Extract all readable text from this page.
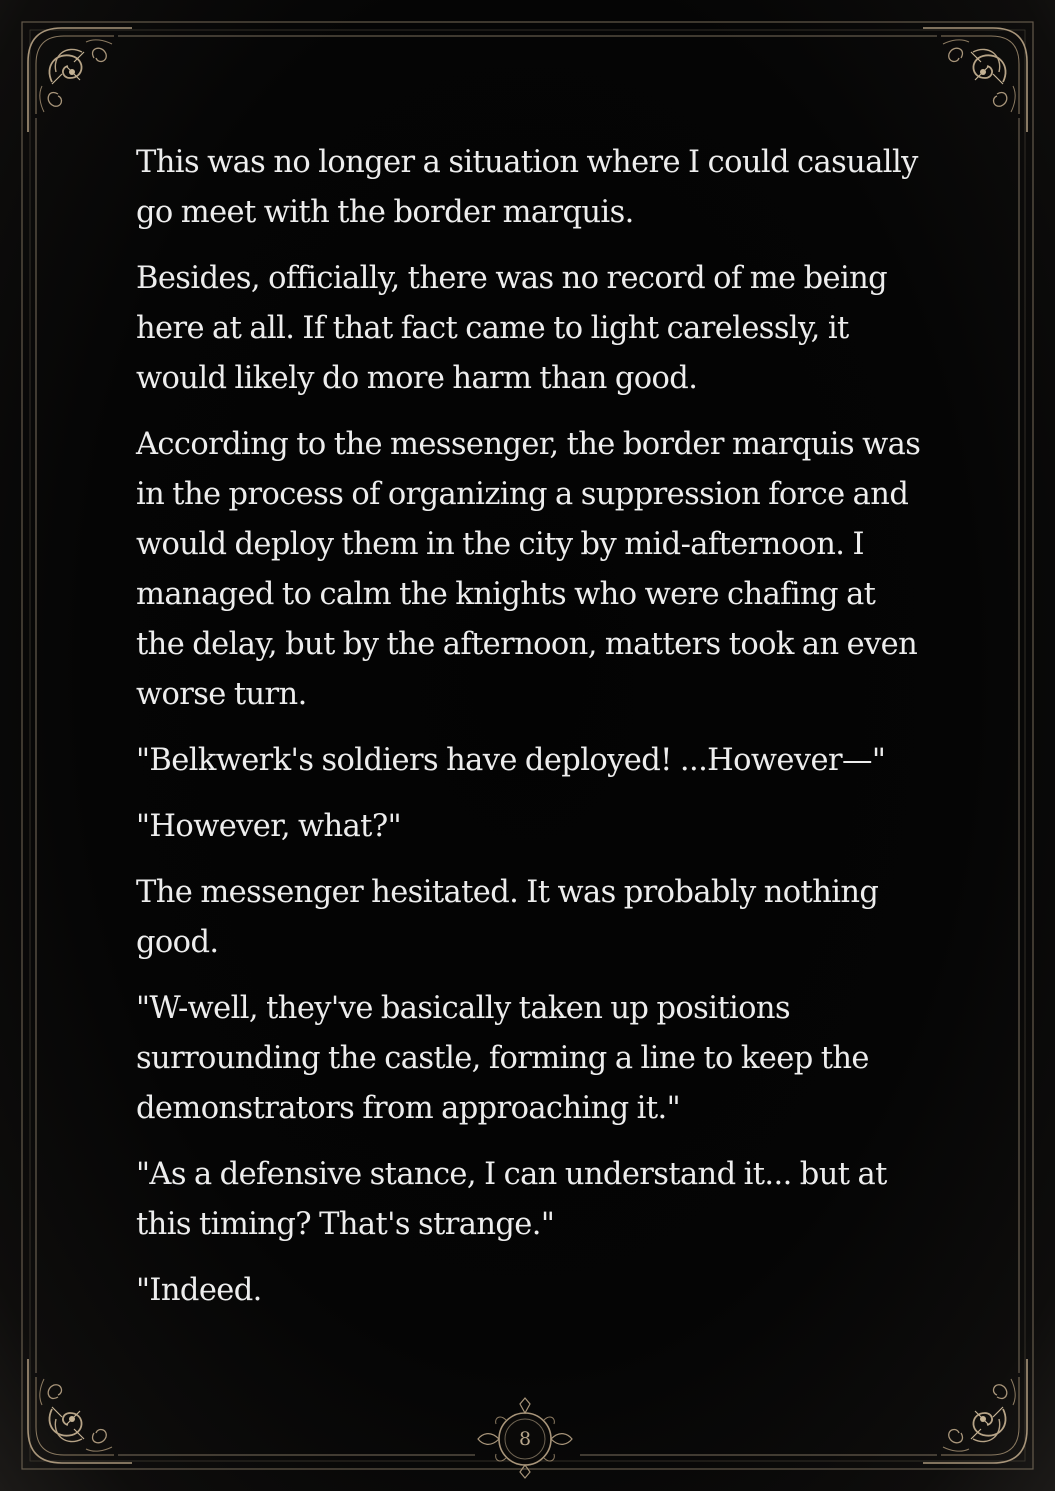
This was no longer a situation where I could casually go meet with the border marquis.

Besides, officially, there was no record of me being here at all. If that fact came to light carelessly, it would likely do more harm than good.

According to the messenger, the border marquis was in the process of organizing a suppression force and would deploy them in the city by mid-afternoon. I managed to calm the knights who were chafing at the delay, but by the afternoon, matters took an even worse turn.

"Belkwerk's soldiers have deployed! ...However—"

"However, what?"

The messenger hesitated. It was probably nothing good.

"W-well, they've basically taken up positions surrounding the castle, forming a line to keep the demonstrators from approaching it."

"As a defensive stance, I can understand it... but at this timing? That's strange."

"Indeed.

8
